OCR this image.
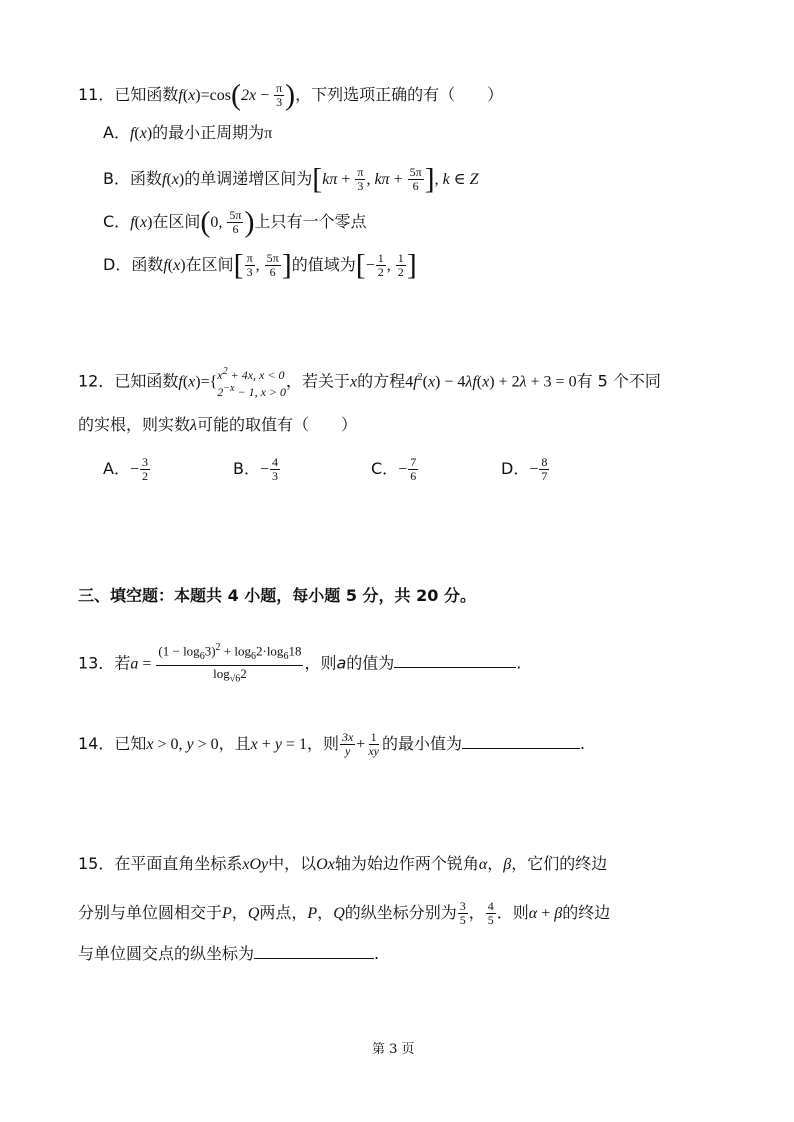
11．已知函数$f(x)=\cos(2x - \frac{\pi}{3}$ )，下列选项正确的有（　　）
A．f(x)的最小正周期为π
B．函数f(x)的单调递增区间为[$k\pi + \frac{\pi}{3}$ , $k\pi + \frac{5\pi}{6}$ ], k ∈ Z
C．f(x)在区间(0, $\frac{5\pi}{6}$ )上只有一个零点
D．函数f(x)在区间[ $\frac{\pi}{3}$ , $\frac{5\pi}{6}$ ]的值域为[− $\frac{1}{2}$ , $\frac{1}{2}$ ]
12．已知函数f(x)={ $x^2 + 4x$, x < 0
$2^{-x} - 1$, x > 0
，若关于x的方程$4f^2(x) - 4\lambda f(x) + 2\lambda + 3 = 0$有 5 个不同
的实根，则实数λ可能的取值有（　　）
A．− $\frac{3}{2}$	B．− $\frac{4}{3}$	C．− $\frac{7}{6}$	D．− $\frac{8}{7}$
三、填空题：本题共 4 小题，每小题 5 分，共 20 分。
13．若$a = \frac{(1 - \log_63)^2 + \log_62\cdot\log_618}{\log_{√6}2}$ ，则a的值为	.
14．已知x > 0, y > 0，且x + y = 1，则 $\frac{3x}{y} + \frac{1}{xy}$ 的最小值为	.
15．在平面直角坐标系xOy中，以Ox轴为始边作两个锐角α，β，它们的终边
分别与单位圆相交于P，Q两点，P，Q的纵坐标分别为 $\frac{3}{5}$ ， $\frac{4}{5}$ ．则α + β的终边
与单位圆交点的纵坐标为	.
第 3 页
